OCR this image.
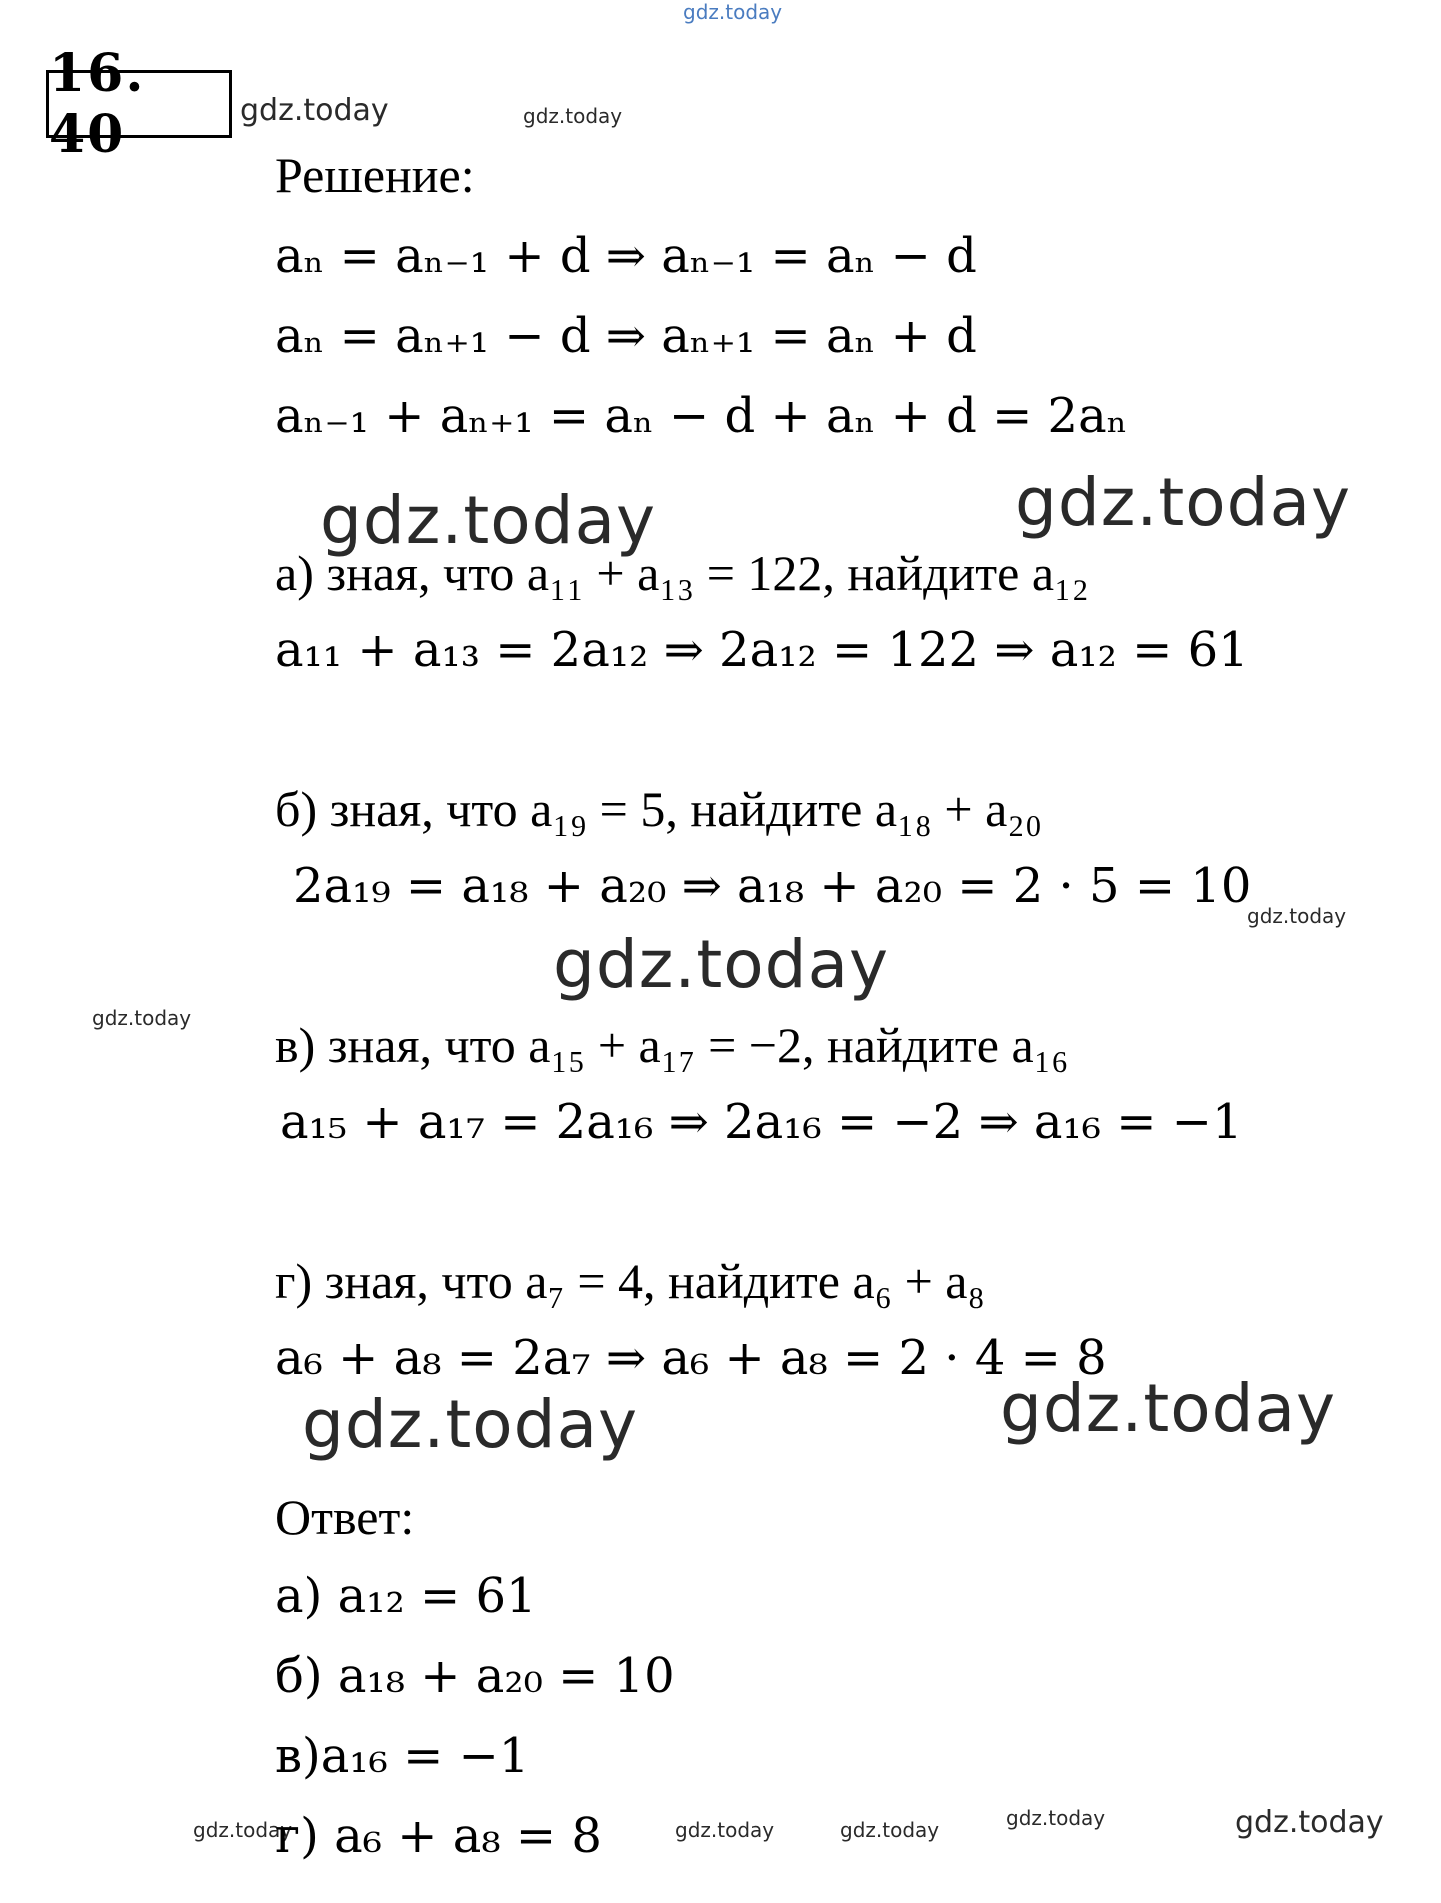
gdz.today
gdz.today	gdz.today
gdz.today	gdz.today
gdz.today
gdz.today
gdz.today
gdz.today	gdz.today
gdz.today	gdz.today	gdz.today	gdz.today	gdz.today
16. 40
Решение:
aₙ = aₙ₋₁ + d ⇒ aₙ₋₁ = aₙ − d
aₙ = aₙ₊₁ − d ⇒ aₙ₊₁ = aₙ + d
aₙ₋₁ + aₙ₊₁ = aₙ − d + aₙ + d = 2aₙ
а) зная, что a₁₁ + a₁₃ = 122, найдите a₁₂
a₁₁ + a₁₃ = 2a₁₂ ⇒ 2a₁₂ = 122 ⇒ a₁₂ = 61
б) зная, что a₁₉ = 5, найдите a₁₈ + a₂₀
2a₁₉ = a₁₈ + a₂₀ ⇒ a₁₈ + a₂₀ = 2 · 5 = 10
в) зная, что a₁₅ + a₁₇ = −2, найдите a₁₆
a₁₅ + a₁₇ = 2a₁₆ ⇒ 2a₁₆ = −2 ⇒ a₁₆ = −1
г) зная, что a₇ = 4, найдите a₆ + a₈
a₆ + a₈ = 2a₇ ⇒ a₆ + a₈ = 2 · 4 = 8
Ответ:
а) a₁₂ = 61
б) a₁₈ + a₂₀ = 10
в)a₁₆ = −1
г) a₆ + a₈ = 8
